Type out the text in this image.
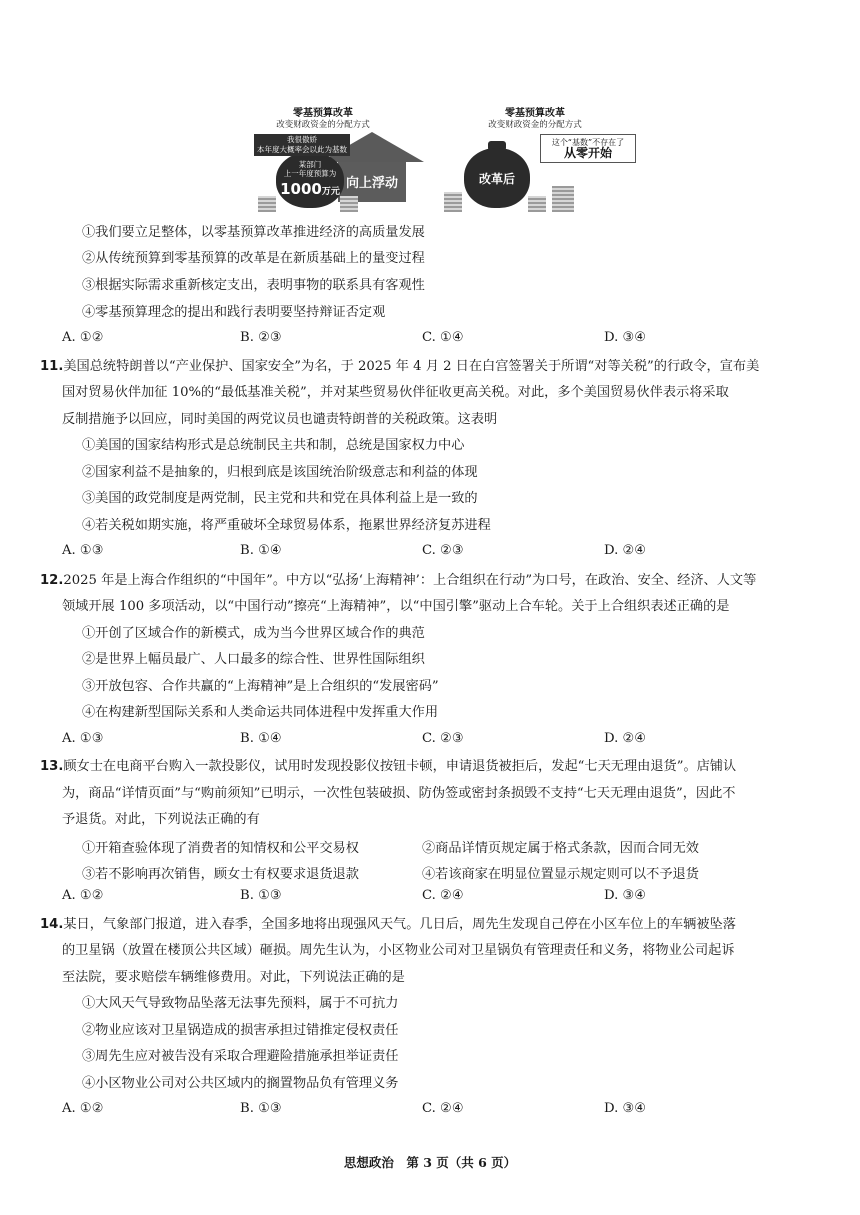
零基预算改革
改变财政资金的分配方式
向上浮动
我很傲娇
本年度大概率会以此为基数
某部门
上一年度预算为
1000万元
零基预算改革
改变财政资金的分配方式
改革后
这个“基数”不存在了
从零开始
①我们要立足整体，以零基预算改革推进经济的高质量发展
②从传统预算到零基预算的改革是在新质基础上的量变过程
③根据实际需求重新核定支出，表明事物的联系具有客观性
④零基预算理念的提出和践行表明要坚持辩证否定观
A. ①②	B. ②③	C. ①④	D. ③④
11.美国总统特朗普以“产业保护、国家安全”为名，于 2025 年 4 月 2 日在白宫签署关于所谓“对等关税”的行政令，宣布美
国对贸易伙伴加征 10%的“最低基准关税”，并对某些贸易伙伴征收更高关税。对此，多个美国贸易伙伴表示将采取
反制措施予以回应，同时美国的两党议员也谴责特朗普的关税政策。这表明
①美国的国家结构形式是总统制民主共和制，总统是国家权力中心
②国家利益不是抽象的，归根到底是该国统治阶级意志和利益的体现
③美国的政党制度是两党制，民主党和共和党在具体利益上是一致的
④若关税如期实施，将严重破坏全球贸易体系，拖累世界经济复苏进程
A. ①③	B. ①④	C. ②③	D. ②④
12.2025 年是上海合作组织的“中国年”。中方以“弘扬‘上海精神’：上合组织在行动”为口号，在政治、安全、经济、人文等
领域开展 100 多项活动，以“中国行动”擦亮“上海精神”，以“中国引擎”驱动上合车轮。关于上合组织表述正确的是
①开创了区域合作的新模式，成为当今世界区域合作的典范
②是世界上幅员最广、人口最多的综合性、世界性国际组织
③开放包容、合作共赢的“上海精神”是上合组织的“发展密码”
④在构建新型国际关系和人类命运共同体进程中发挥重大作用
A. ①③	B. ①④	C. ②③	D. ②④
13.顾女士在电商平台购入一款投影仪，试用时发现投影仪按钮卡顿，申请退货被拒后，发起“七天无理由退货”。店铺认
为，商品“详情页面”与“购前须知”已明示，一次性包装破损、防伪签或密封条损毁不支持“七天无理由退货”，因此不
予退货。对此，下列说法正确的有
①开箱查验体现了消费者的知情权和公平交易权	②商品详情页规定属于格式条款，因而合同无效
③若不影响再次销售，顾女士有权要求退货退款	④若该商家在明显位置显示规定则可以不予退货
A. ①②	B. ①③	C. ②④	D. ③④
14.某日，气象部门报道，进入春季，全国多地将出现强风天气。几日后，周先生发现自己停在小区车位上的车辆被坠落
的卫星锅（放置在楼顶公共区域）砸损。周先生认为，小区物业公司对卫星锅负有管理责任和义务，将物业公司起诉
至法院，要求赔偿车辆维修费用。对此，下列说法正确的是
①大风天气导致物品坠落无法事先预料，属于不可抗力
②物业应该对卫星锅造成的损害承担过错推定侵权责任
③周先生应对被告没有采取合理避险措施承担举证责任
④小区物业公司对公共区域内的搁置物品负有管理义务
A. ①②	B. ①③	C. ②④	D. ③④
思想政治　第 3 页（共 6 页）
